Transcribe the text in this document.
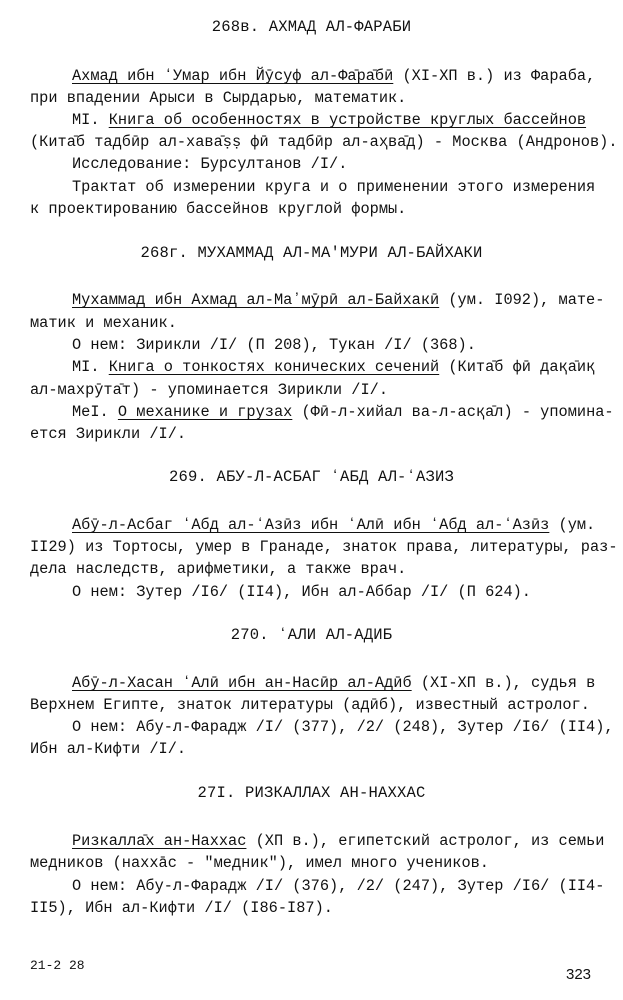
268в. АХМАД АЛ-ФАРАБИ
Ахмад ибн ʻУмар ибн Йӯсуф ал-Фа̄ра̄бӣ (XI-XП в.) из Фараба,
при впадении Арыси в Сырдарью, математик.
MI. Книга об особенностях в устройстве круглых бассейнов
(Кита̄б тадбӣр ал-хава̄ṣṣ фӣ тадбӣр ал-аҳва̄д) - Москва (Андронов).
Исследование: Бурсултанов /I/.
Трактат об измерении круга и о применении этого измерения
к проектированию бассейнов круглой формы.
268г. МУХАММАД АЛ-МА'МУРИ АЛ-БАЙХАКИ
Мухаммад ибн Ахмад ал-Маʼмӯрӣ ал-Байхакӣ (ум. I092), мате-
матик и механик.
О нем: Зирикли /I/ (П 208), Тукан /I/ (368).
MI. Книга о тонкостях конических сечений (Кита̄б фӣ дақа̄иқ
ал-махрӯта̄т) - упоминается Зирикли /I/.
MeI. О механике и грузах (Фӣ-л-хийал ва-л-асқа̄л) - упомина-
ется Зирикли /I/.
269. АБУ-Л-АСБАГ ʻАБД АЛ-ʻАЗИЗ
Абӯ-л-Асбаг ʻАбд ал-ʻАзӣз ибн ʻАлӣ ибн ʻАбд ал-ʻАзӣз (ум.
II29) из Тортосы, умер в Гранаде, знаток права, литературы, раз-
дела наследств, арифметики, а также врач.
О нем: Зутер /I6/ (II4), Ибн ал-Аббар /I/ (П 624).
270. ʻАЛИ АЛ-АДИБ
Абӯ-л-Хасан ʻАлӣ ибн ан-Насӣр ал-Адӣб (XI-XП в.), судья в
Верхнем Египте, знаток литературы (адӣб), известный астролог.
О нем: Абу-л-Фарадж /I/ (377), /2/ (248), Зутер /I6/ (II4),
Ибн ал-Кифти /I/.
27I. РИЗКАЛЛАХ АН-НАХХАС
Ризкалла̄х ан-Наххас (XП в.), египетский астролог, из семьи
медников (наххāс - "медник"), имел много учеников.
О нем: Абу-л-Фарадж /I/ (376), /2/ (247), Зутер /I6/ (II4-
II5), Ибн ал-Кифти /I/ (I86-I87).
21-2 28
323
